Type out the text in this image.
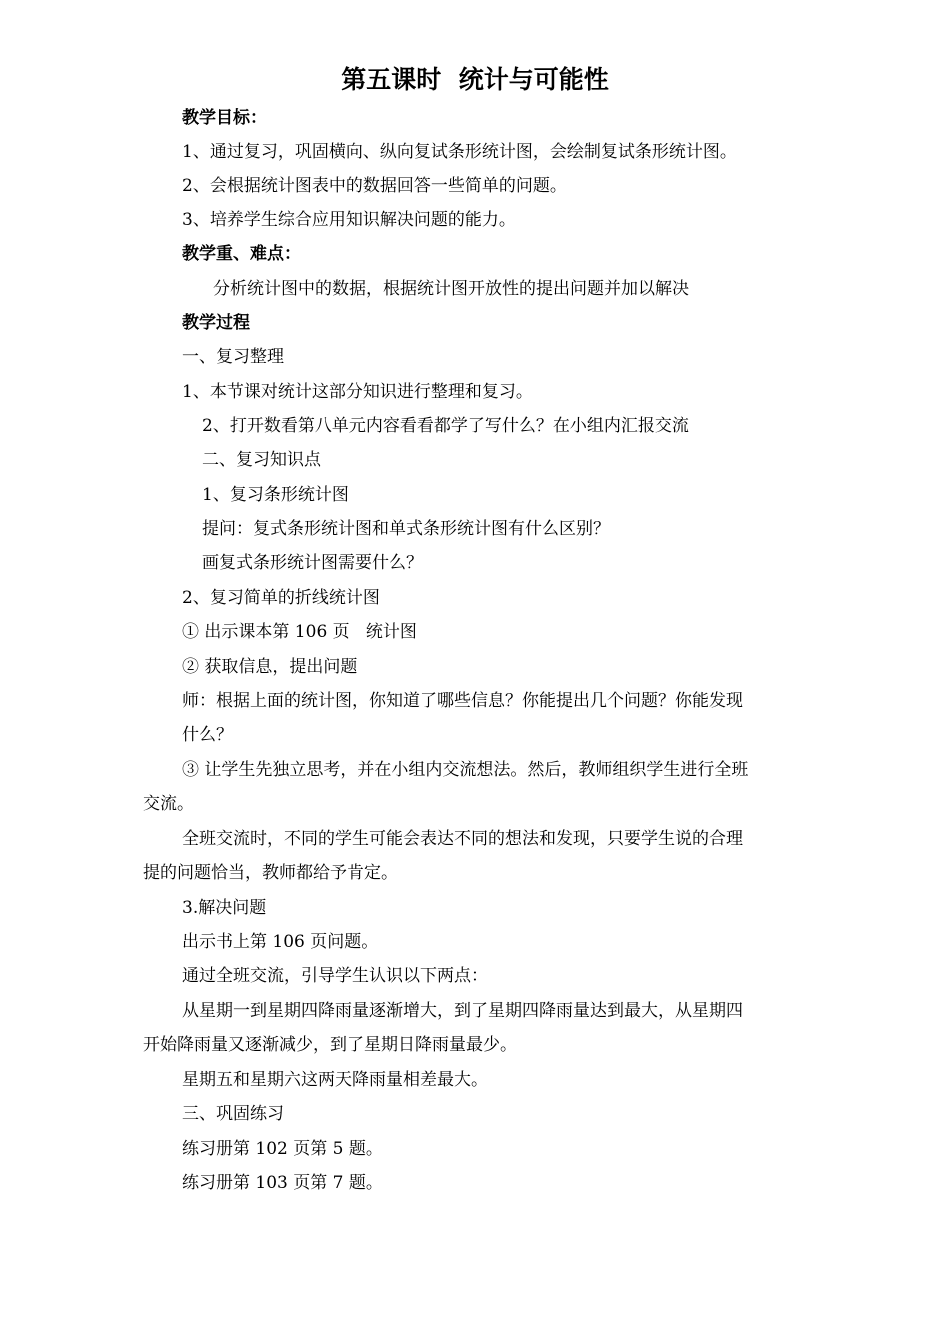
第五课时  统计与可能性
教学目标：
1、通过复习，巩固横向、纵向复试条形统计图，会绘制复试条形统计图。
2、会根据统计图表中的数据回答一些简单的问题。
3、培养学生综合应用知识解决问题的能力。
教学重、难点：
分析统计图中的数据，根据统计图开放性的提出问题并加以解决
教学过程
一、复习整理
1、本节课对统计这部分知识进行整理和复习。
2、打开数看第八单元内容看看都学了写什么？在小组内汇报交流
二、复习知识点
1、复习条形统计图
提问：复式条形统计图和单式条形统计图有什么区别？
画复式条形统计图需要什么？
2、复习简单的折线统计图
① 出示课本第 106 页   统计图
② 获取信息，提出问题
师：根据上面的统计图，你知道了哪些信息？你能提出几个问题？你能发现
什么？
③ 让学生先独立思考，并在小组内交流想法。然后，教师组织学生进行全班
交流。
全班交流时，不同的学生可能会表达不同的想法和发现，只要学生说的合理
提的问题恰当，教师都给予肯定。
3.解决问题
出示书上第 106 页问题。
通过全班交流，引导学生认识以下两点：
从星期一到星期四降雨量逐渐增大，到了星期四降雨量达到最大，从星期四
开始降雨量又逐渐减少，到了星期日降雨量最少。
星期五和星期六这两天降雨量相差最大。
三、巩固练习
练习册第 102 页第 5 题。
练习册第 103 页第 7 题。
